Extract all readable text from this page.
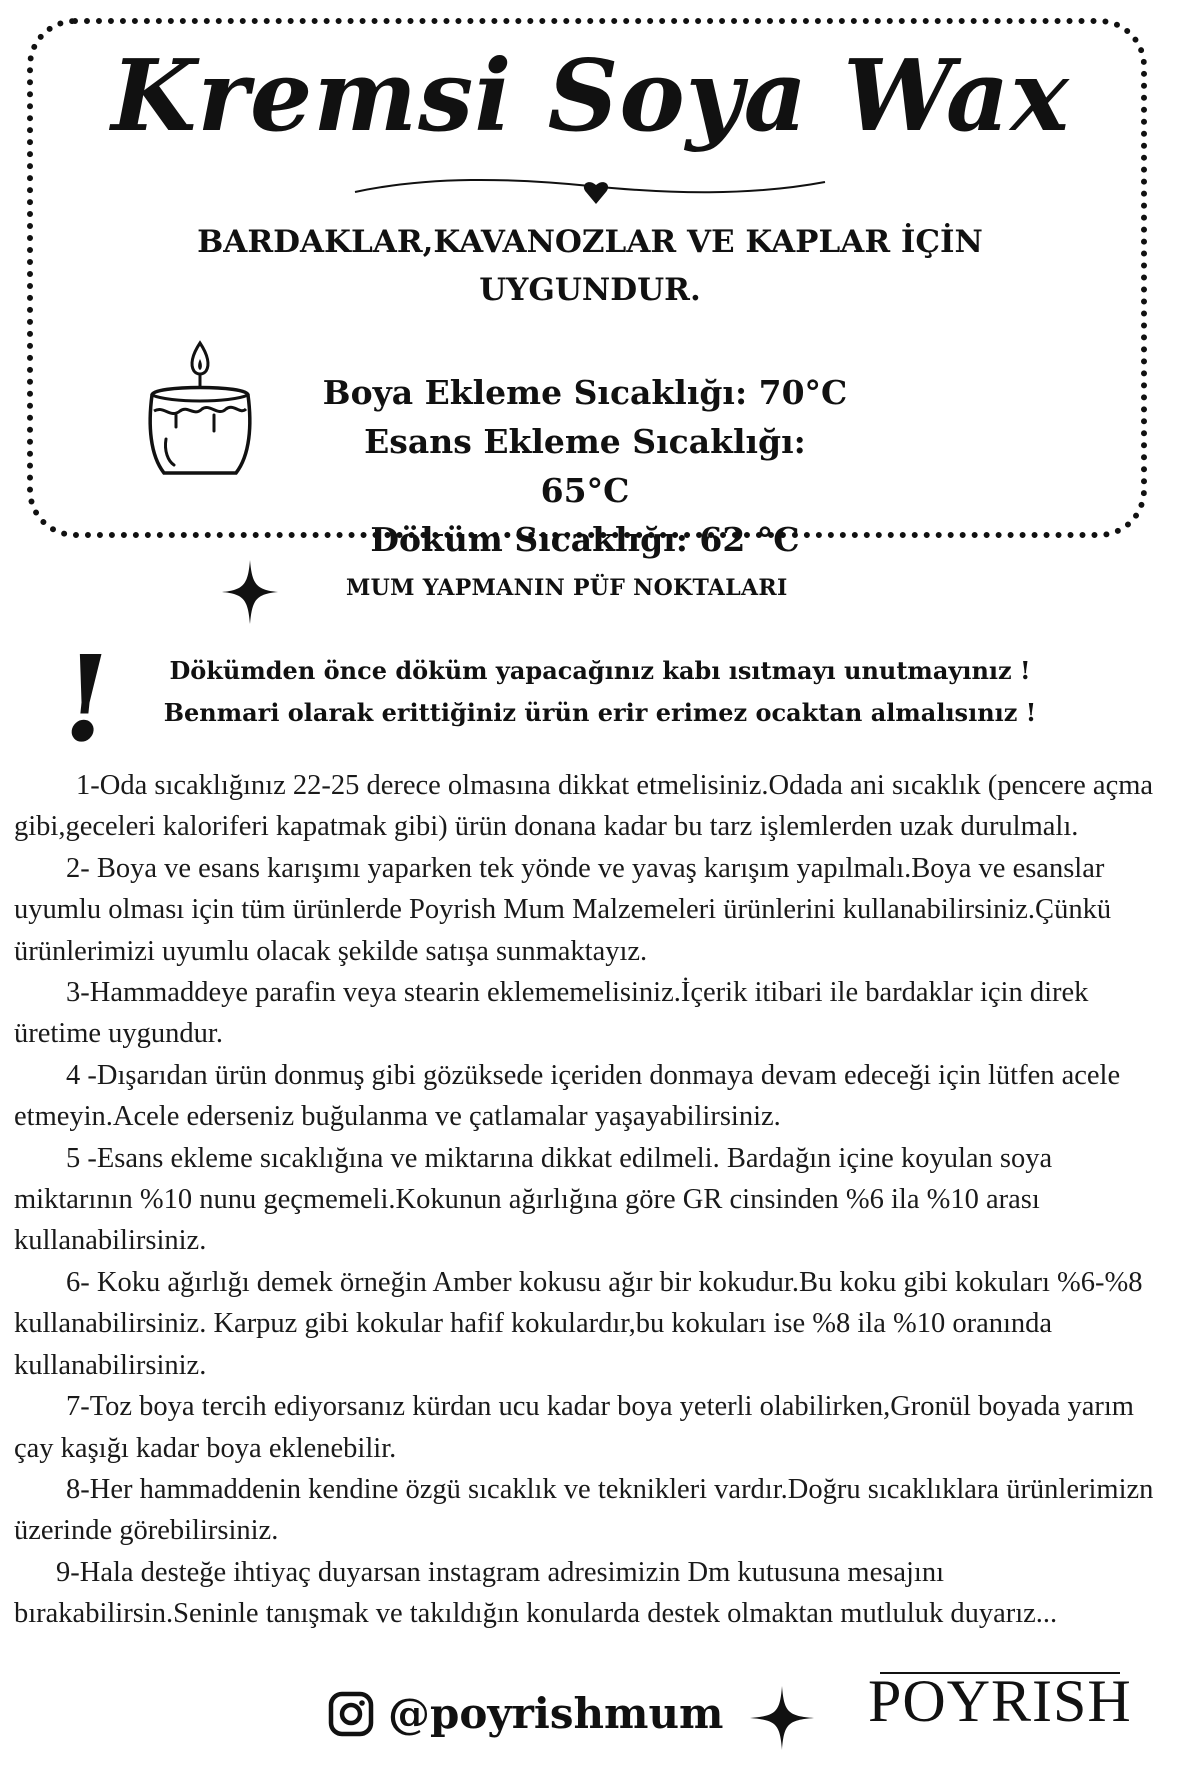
Kremsi Soya Wax
BARDAKLAR,KAVANOZLAR VE KAPLAR İÇİN
UYGUNDUR.
Boya Ekleme Sıcaklığı: 70°C
Esans Ekleme Sıcaklığı: 65°C
Döküm Sıcaklığı: 62 °C
MUM YAPMANIN PÜF NOKTALARI
!	Dökümden önce döküm yapacağınız kabı ısıtmayı unutmayınız !
Benmari olarak erittiğiniz ürün erir erimez ocaktan almalısınız !

1-Oda sıcaklığınız 22-25 derece olmasına dikkat etmelisiniz.Odada ani sıcaklık (pencere açma gibi,geceleri kaloriferi kapatmak gibi) ürün donana kadar bu tarz işlemlerden uzak durulmalı.

2- Boya ve esans karışımı yaparken tek yönde ve yavaş karışım yapılmalı.Boya ve esanslar uyumlu olması için tüm ürünlerde Poyrish Mum Malzemeleri ürünlerini kullanabilirsiniz.Çünkü ürünlerimizi uyumlu olacak şekilde satışa sunmaktayız.

3-Hammaddeye parafin veya stearin eklememelisiniz.İçerik itibari ile bardaklar için direk üretime uygundur.

4 -Dışarıdan ürün donmuş gibi gözüksede içeriden donmaya devam edeceği için lütfen acele etmeyin.Acele ederseniz buğulanma ve çatlamalar yaşayabilirsiniz.

5 -Esans ekleme sıcaklığına ve miktarına dikkat edilmeli. Bardağın içine koyulan soya miktarının %10 nunu geçmemeli.Kokunun ağırlığına göre GR cinsinden %6 ila %10 arası kullanabilirsiniz.

6- Koku ağırlığı demek örneğin Amber kokusu ağır bir kokudur.Bu koku gibi kokuları %6-%8 kullanabilirsiniz. Karpuz gibi kokular hafif kokulardır,bu kokuları ise %8 ila %10 oranında kullanabilirsiniz.

7-Toz boya tercih ediyorsanız kürdan ucu kadar boya yeterli olabilirken,Gronül boyada yarım çay kaşığı kadar boya eklenebilir.

8-Her hammaddenin kendine özgü sıcaklık ve teknikleri vardır.Doğru sıcaklıklara ürünlerimizn üzerinde görebilirsiniz.

9-Hala desteğe ihtiyaç duyarsan instagram adresimizin Dm kutusuna mesajını bırakabilirsin.Seninle tanışmak ve takıldığın konularda destek olmaktan mutluluk duyarız...

@poyrishmum POYRISH
